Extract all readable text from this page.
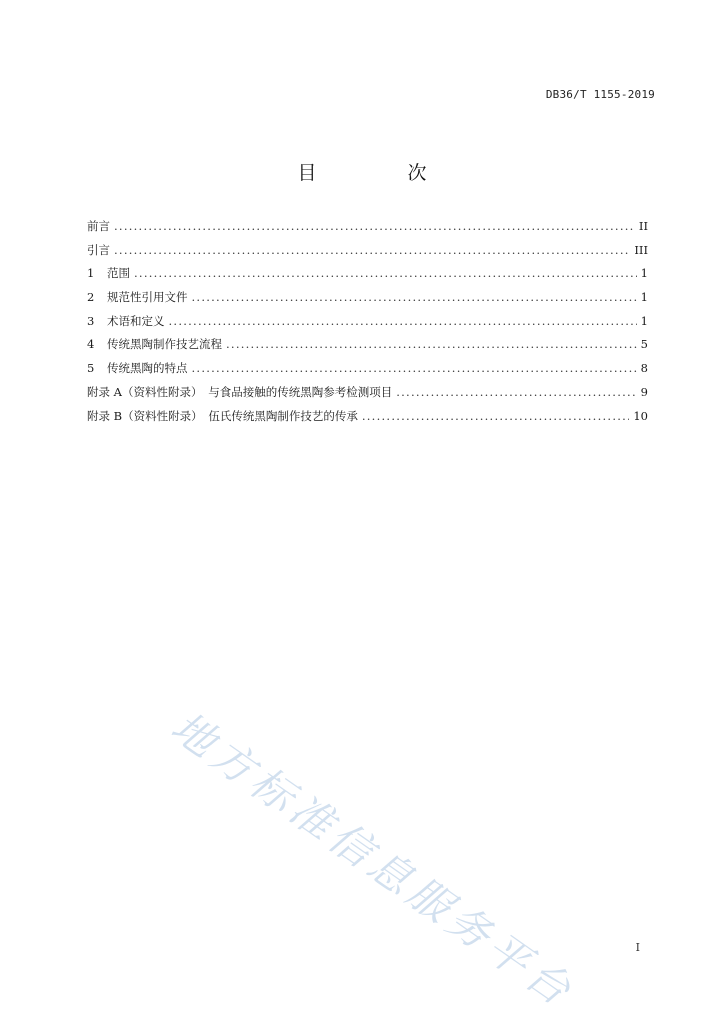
DB36/T 1155-2019
目　次
前言 . . .	II
引言 . . .	III
1	范围 . . .	1
2	规范性引用文件 . . .	1
3	术语和定义 . . .	1
4	传统黑陶制作技艺流程 . . .	5
5	传统黑陶的特点 . . .	8
附录 A（资料性附录）　与食品接触的传统黑陶参考检测项目 . . .	9
附录 B（资料性附录）　伍氏传统黑陶制作技艺的传承 . . .	10
地方标准信息服务平台	I
